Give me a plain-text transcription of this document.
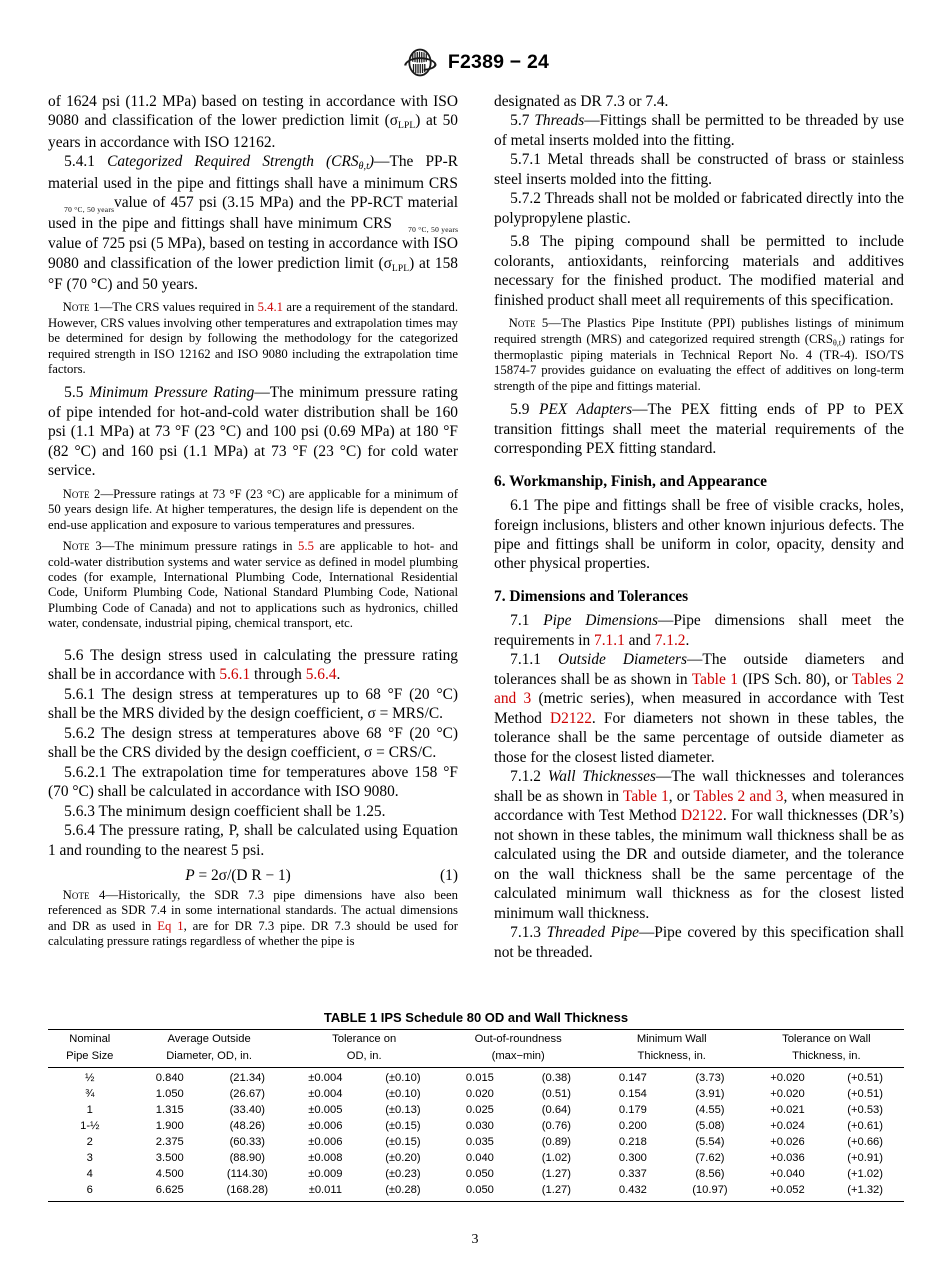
F2389 − 24

of 1624 psi (11.2 MPa) based on testing in accordance with ISO 9080 and classification of the lower prediction limit $(\sigma_{LPL})$ at 50 years in accordance with ISO 12162.

5.4.1 Categorized Required Strength (CRSθ,t)—The PP-R material used in the pipe and fittings shall have a minimum CRS70 °C, 50 yearsvalue of 457 psi (3.15 MPa) and the PP-RCT material used in the pipe and fittings shall have minimum CRS 70 °C, 50 yearsvalue of 725 psi (5 MPa), based on testing in accordance with ISO 9080 and classification of the lower prediction limit $(\sigma_{LPL})$ at 158 °F (70 °C) and 50 years.

Note 1—The CRS values required in 5.4.1 are a requirement of the standard. However, CRS values involving other temperatures and extrapolation times may be determined for design by following the methodology for the categorized required strength in ISO 12162 and ISO 9080 including the extrapolation time factors.

5.5 Minimum Pressure Rating—The minimum pressure rating of pipe intended for hot-and-cold water distribution shall be 160 psi (1.1 MPa) at 73 °F (23 °C) and 100 psi (0.69 MPa) at 180 °F (82 °C) and 160 psi (1.1 MPa) at 73 °F (23 °C) for cold water service.

Note 2—Pressure ratings at 73 °F (23 °C) are applicable for a minimum of 50 years design life. At higher temperatures, the design life is dependent on the end-use application and exposure to various temperatures and pressures.

Note 3—The minimum pressure ratings in 5.5 are applicable to hot- and cold-water distribution systems and water service as defined in model plumbing codes (for example, International Plumbing Code, International Residential Code, Uniform Plumbing Code, National Standard Plumbing Code, National Plumbing Code of Canada) and not to applications such as hydronics, chilled water, condensate, industrial piping, chemical transport, etc.

5.6 The design stress used in calculating the pressure rating shall be in accordance with 5.6.1 through 5.6.4.

5.6.1 The design stress at temperatures up to 68 °F (20 °C) shall be the MRS divided by the design coefficient, σ = MRS/C.

5.6.2 The design stress at temperatures above 68 °F (20 °C) shall be the CRS divided by the design coefficient, σ = CRS/C.

5.6.2.1 The extrapolation time for temperatures above 158 °F (70 °C) shall be calculated in accordance with ISO 9080.

5.6.3 The minimum design coefficient shall be 1.25.

5.6.4 The pressure rating, P, shall be calculated using Equation 1 and rounding to the nearest 5 psi.

P = 2σ/(D R − 1)	(1)

Note 4—Historically, the SDR 7.3 pipe dimensions have also been referenced as SDR 7.4 in some international standards. The actual dimensions and DR as used in Eq 1, are for DR 7.3 pipe. DR 7.3 should be used for calculating pressure ratings regardless of whether the pipe is

designated as DR 7.3 or 7.4.

5.7 Threads—Fittings shall be permitted to be threaded by use of metal inserts molded into the fitting.

5.7.1 Metal threads shall be constructed of brass or stainless steel inserts molded into the fitting.

5.7.2 Threads shall not be molded or fabricated directly into the polypropylene plastic.

5.8 The piping compound shall be permitted to include colorants, antioxidants, reinforcing materials and additives necessary for the finished product. The modified material and finished product shall meet all requirements of this specification.

Note 5—The Plastics Pipe Institute (PPI) publishes listings of minimum required strength (MRS) and categorized required strength $(CRS_{\theta,t})$ ratings for thermoplastic piping materials in Technical Report No. 4 (TR-4). ISO/TS 15874-7 provides guidance on evaluating the effect of additives on long-term strength of the pipe and fittings material.

5.9 PEX Adapters—The PEX fitting ends of PP to PEX transition fittings shall meet the material requirements of the corresponding PEX fitting standard.

6. Workmanship, Finish, and Appearance

6.1 The pipe and fittings shall be free of visible cracks, holes, foreign inclusions, blisters and other known injurious defects. The pipe and fittings shall be uniform in color, opacity, density and other physical properties.

7. Dimensions and Tolerances

7.1 Pipe Dimensions—Pipe dimensions shall meet the requirements in 7.1.1 and 7.1.2.

7.1.1 Outside Diameters—The outside diameters and tolerances shall be as shown in Table 1 (IPS Sch. 80), or Tables 2 and 3 (metric series), when measured in accordance with Test Method D2122. For diameters not shown in these tables, the tolerance shall be the same percentage of outside diameter as those for the closest listed diameter.

7.1.2 Wall Thicknesses—The wall thicknesses and tolerances shall be as shown in Table 1, or Tables 2 and 3, when measured in accordance with Test Method D2122. For wall thicknesses (DR’s) not shown in these tables, the minimum wall thickness shall be as calculated using the DR and outside diameter, and the tolerance on the wall thickness shall be the same percentage of the calculated minimum wall thickness as for the closest listed minimum wall thickness.

7.1.3 Threaded Pipe—Pipe covered by this specification shall not be threaded.

TABLE 1 IPS Schedule 80 OD and Wall Thickness
Nominal	Average Outside		Tolerance on		Out-of-roundness		Minimum Wall		Tolerance on Wall	
Pipe Size	Diameter, OD, in.		OD, in.		(max−min)		Thickness, in.		Thickness, in.	
½	0.840	(21.34)	±0.004	(±0.10)	0.015	(0.38)	0.147	(3.73)	+0.020	(+0.51)
¾	1.050	(26.67)	±0.004	(±0.10)	0.020	(0.51)	0.154	(3.91)	+0.020	(+0.51)
1	1.315	(33.40)	±0.005	(±0.13)	0.025	(0.64)	0.179	(4.55)	+0.021	(+0.53)
1-½	1.900	(48.26)	±0.006	(±0.15)	0.030	(0.76)	0.200	(5.08)	+0.024	(+0.61)
2	2.375	(60.33)	±0.006	(±0.15)	0.035	(0.89)	0.218	(5.54)	+0.026	(+0.66)
3	3.500	(88.90)	±0.008	(±0.20)	0.040	(1.02)	0.300	(7.62)	+0.036	(+0.91)
4	4.500	(114.30)	±0.009	(±0.23)	0.050	(1.27)	0.337	(8.56)	+0.040	(+1.02)
6	6.625	(168.28)	±0.011	(±0.28)	0.050	(1.27)	0.432	(10.97)	+0.052	(+1.32)
3
